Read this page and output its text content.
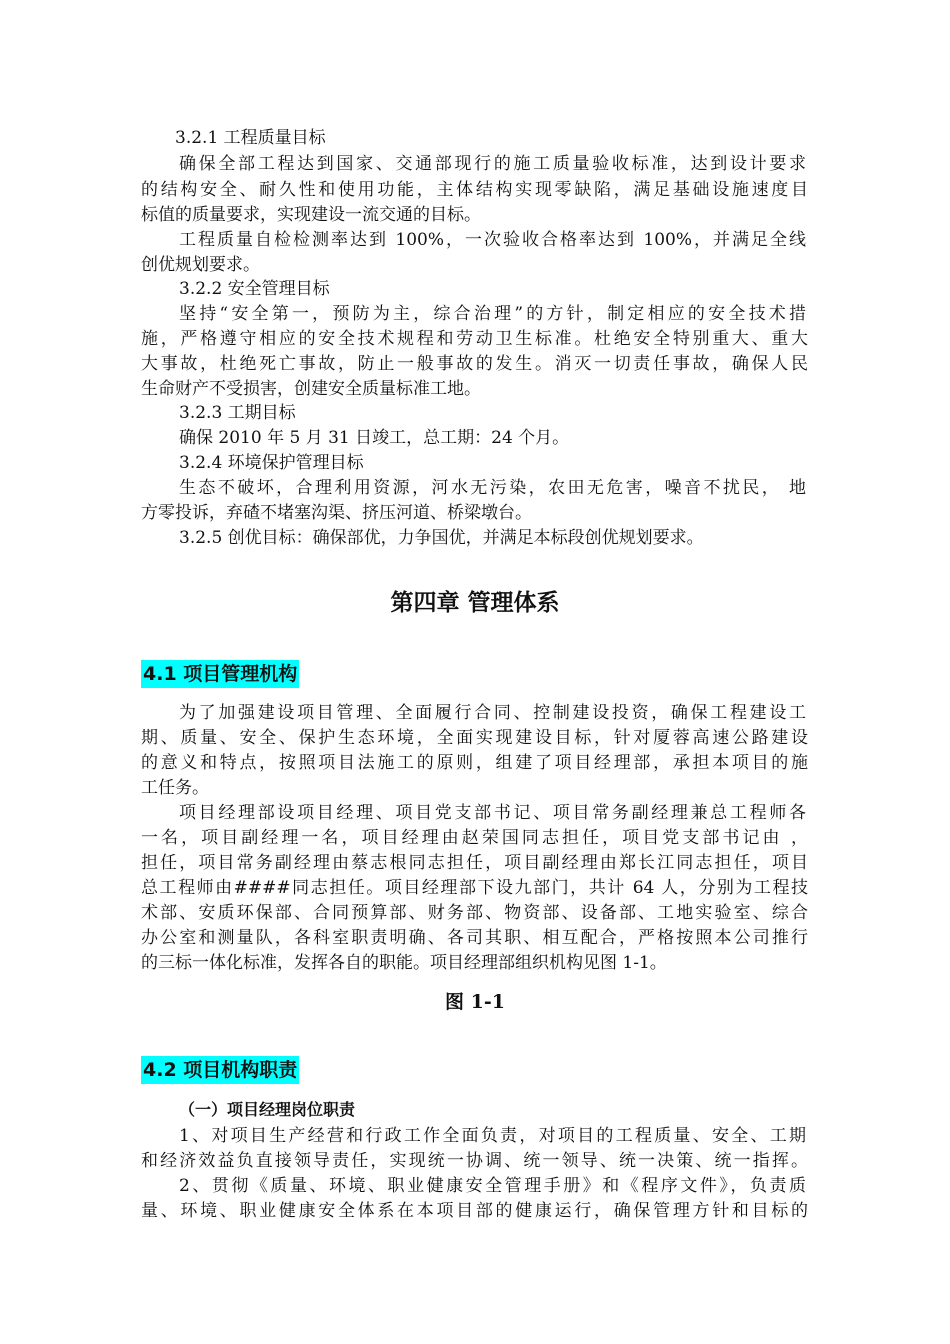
3.2.1 工程质量目标
确保全部工程达到国家、交通部现行的施工质量验收标准，达到设计要求
的结构安全、耐久性和使用功能，主体结构实现零缺陷，满足基础设施速度目
标值的质量要求，实现建设一流交通的目标。
工程质量自检检测率达到 100%，一次验收合格率达到 100%，并满足全线
创优规划要求。
3.2.2 安全管理目标
坚持“安全第一，预防为主，综合治理”的方针，制定相应的安全技术措
施，严格遵守相应的安全技术规程和劳动卫生标准。杜绝安全特别重大、重大
大事故，杜绝死亡事故，防止一般事故的发生。消灭一切责任事故，确保人民
生命财产不受损害，创建安全质量标准工地。
3.2.3 工期目标
确保 2010 年 5 月 31 日竣工，总工期：24 个月。
3.2.4 环境保护管理目标
生态不破坏，合理利用资源，河水无污染，农田无危害，噪音不扰民， 地
方零投诉，弃碴不堵塞沟渠、挤压河道、桥梁墩台。
3.2.5 创优目标：确保部优，力争国优，并满足本标段创优规划要求。
第四章 管理体系
4.1 项目管理机构
为了加强建设项目管理、全面履行合同、控制建设投资，确保工程建设工
期、质量、安全、保护生态环境，全面实现建设目标，针对厦蓉高速公路建设
的意义和特点，按照项目法施工的原则，组建了项目经理部，承担本项目的施
工任务。
项目经理部设项目经理、项目党支部书记、项目常务副经理兼总工程师各
一名，项目副经理一名，项目经理由赵荣国同志担任，项目党支部书记由 ，
担任，项目常务副经理由蔡志根同志担任，项目副经理由郑长江同志担任，项目
总工程师由####同志担任。项目经理部下设九部门，共计 64 人，分别为工程技
术部、安质环保部、合同预算部、财务部、物资部、设备部、工地实验室、综合
办公室和测量队，各科室职责明确、各司其职、相互配合，严格按照本公司推行
的三标一体化标准，发挥各自的职能。项目经理部组织机构见图 1-1。
图 1-1
4.2 项目机构职责
（一）项目经理岗位职责
1、对项目生产经营和行政工作全面负责，对项目的工程质量、安全、工期
和经济效益负直接领导责任，实现统一协调、统一领导、统一决策、统一指挥。
2、贯彻《质量、环境、职业健康安全管理手册》和《程序文件》，负责质
量、环境、职业健康安全体系在本项目部的健康运行，确保管理方针和目标的
